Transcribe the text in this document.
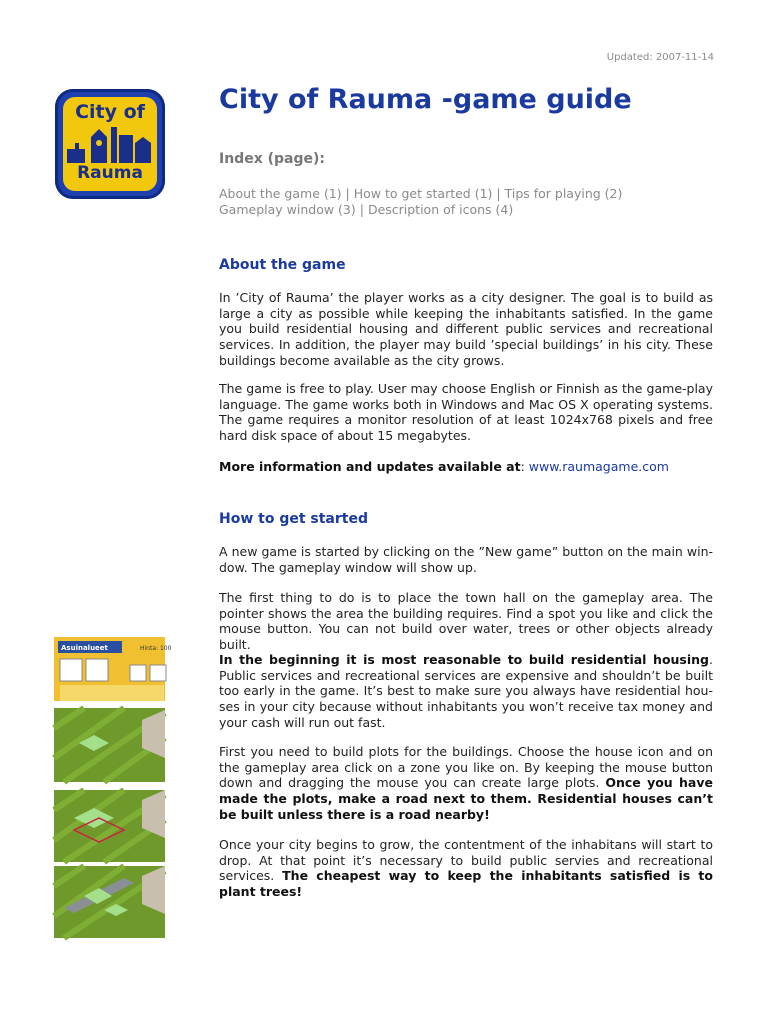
Updated: 2007-11-14
City of
Rauma
City of Rauma -game guide
Index (page):
About the game (1) | How to get started (1) | Tips for playing (2)
Gameplay window (3) | Description of icons (4)
About the game

In ’City of Rauma’ the player works as a city designer. The goal is to build as large a city as possible while keeping the inhabitants satisfied. In the game you build residential housing and different public services and recreational services. In addition, the player may build ’special buildings’ in his city. These buildings become available as the city grows.

The game is free to play. User may choose English or Finnish as the game-play language. The game works both in Windows and Mac OS X operating systems. The game requires a monitor resolution of at least 1024x768 pixels and free hard disk space of about 15 megabytes.

More information and updates available at: www.raumagame.com

How to get started

A new game is started by clicking on the ”New game” button on the main win-dow. The gameplay window will show up.

The first thing to do is to place the town hall on the gameplay area. The pointer shows the area the building requires. Find a spot you like and click the mouse button. You can not build over water, trees or other objects already built.

In the beginning it is most reasonable to build residential housing. Public services and recreational services are expensive and shouldn’t be built too early in the game. It’s best to make sure you always have residential hou-ses in your city because without inhabitants you won’t receive tax money and your cash will run out fast.

First you need to build plots for the buildings. Choose the house icon and on the gameplay area click on a zone you like on. By keeping the mouse button down and dragging the mouse you can create large plots. Once you have made the plots, make a road next to them. Residential houses can’t be built unless there is a road nearby!

Once your city begins to grow, the contentment of the inhabitans will start to drop. At that point it’s necessary to build public servies and recreational services. The cheapest way to keep the inhabitants satisfied is to plant trees!

Asuinalueet	Hinta: 100
